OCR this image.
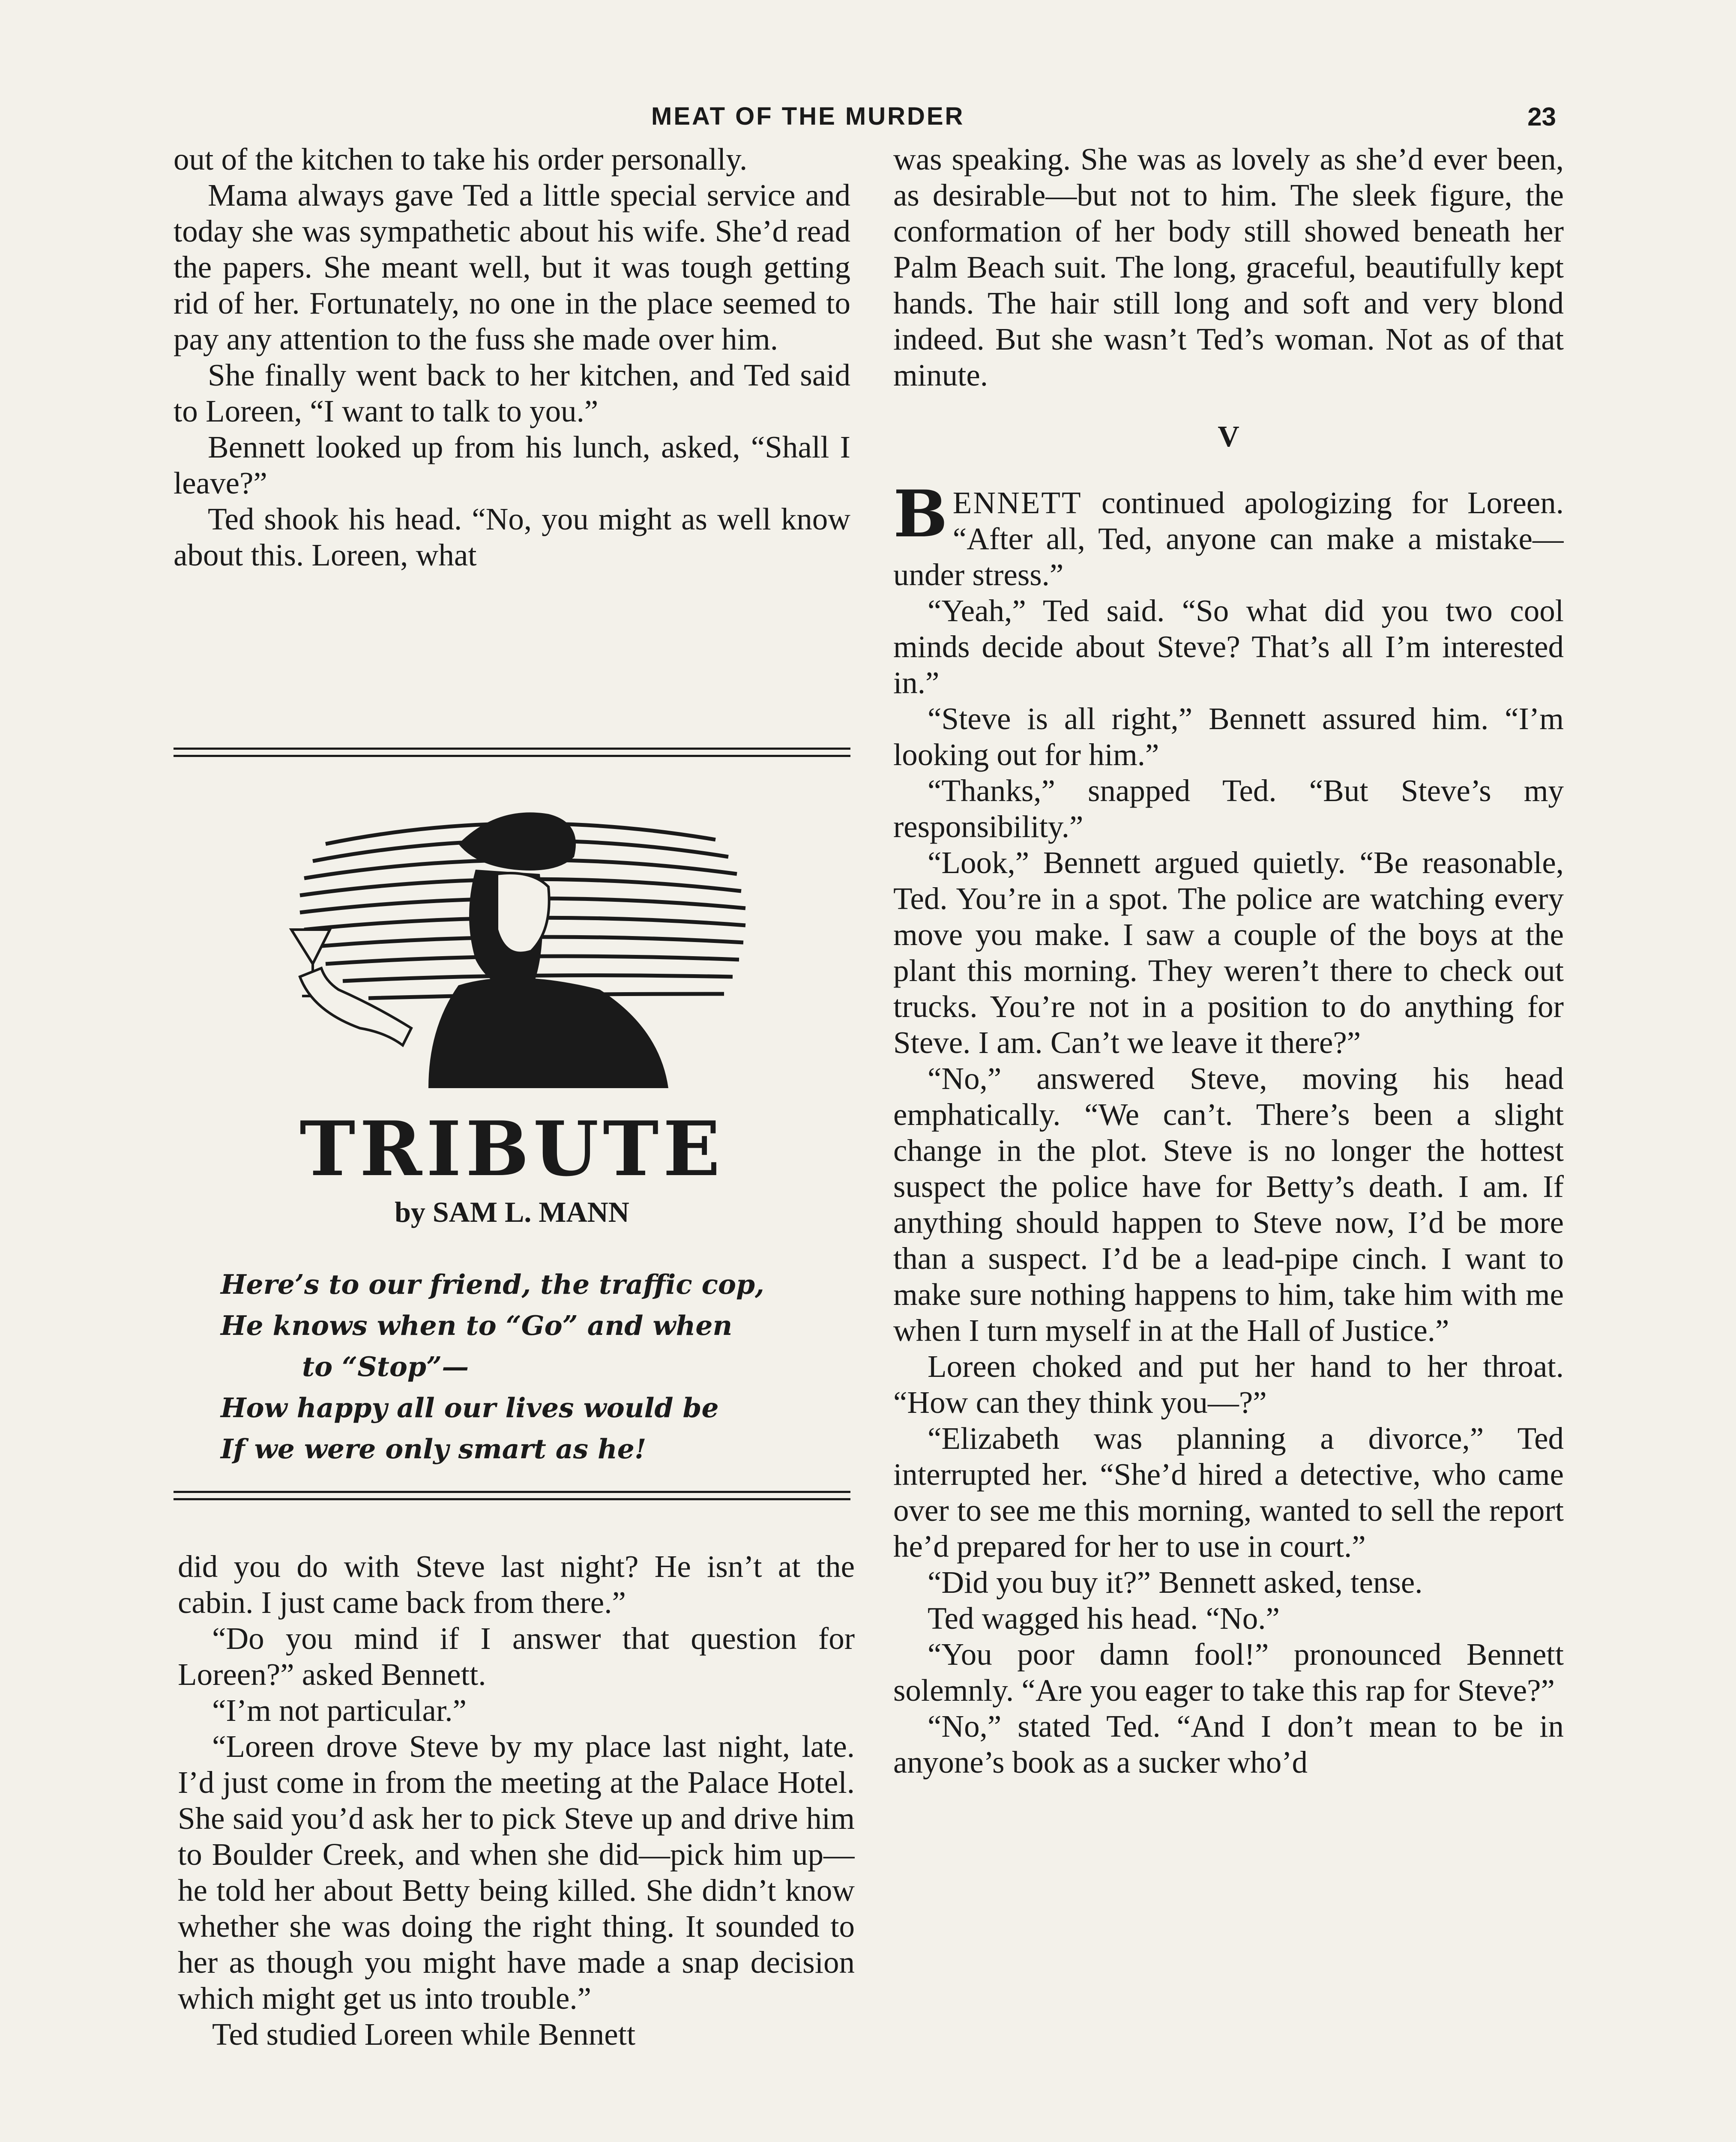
MEAT OF THE MURDER	23

out of the kitchen to take his order personally.

Mama always gave Ted a little special service and today she was sympathetic about his wife. She’d read the papers. She meant well, but it was tough getting rid of her. Fortunately, no one in the place seemed to pay any attention to the fuss she made over him.

She finally went back to her kitchen, and Ted said to Loreen, “I want to talk to you.”

Bennett looked up from his lunch, asked, “Shall I leave?”

Ted shook his head. “No, you might as well know about this. Loreen, what

TRIBUTE
by SAM L. MANN
Here’s to our friend, the traffic cop,
He knows when to “Go” and when
to “Stop”—
How happy all our lives would be
If we were only smart as he!

did you do with Steve last night? He isn’t at the cabin. I just came back from there.”

“Do you mind if I answer that question for Loreen?” asked Bennett.

“I’m not particular.”

“Loreen drove Steve by my place last night, late. I’d just come in from the meeting at the Palace Hotel. She said you’d ask her to pick Steve up and drive him to Boulder Creek, and when she did—pick him up—he told her about Betty being killed. She didn’t know whether she was doing the right thing. It sounded to her as though you might have made a snap decision which might get us into trouble.”

Ted studied Loreen while Bennett

was speaking. She was as lovely as she’d ever been, as desirable—but not to him. The sleek figure, the conformation of her body still showed beneath her Palm Beach suit. The long, graceful, beautifully kept hands. The hair still long and soft and very blond indeed. But she wasn’t Ted’s woman. Not as of that minute.

V

BENNETT continued apologizing for Loreen. “After all, Ted, anyone can make a mistake—under stress.”

“Yeah,” Ted said. “So what did you two cool minds decide about Steve? That’s all I’m interested in.”

“Steve is all right,” Bennett assured him. “I’m looking out for him.”

“Thanks,” snapped Ted. “But Steve’s my responsibility.”

“Look,” Bennett argued quietly. “Be reasonable, Ted. You’re in a spot. The police are watching every move you make. I saw a couple of the boys at the plant this morning. They weren’t there to check out trucks. You’re not in a position to do anything for Steve. I am. Can’t we leave it there?”

“No,” answered Steve, moving his head emphatically. “We can’t. There’s been a slight change in the plot. Steve is no longer the hottest suspect the police have for Betty’s death. I am. If anything should happen to Steve now, I’d be more than a suspect. I’d be a lead-pipe cinch. I want to make sure nothing happens to him, take him with me when I turn myself in at the Hall of Justice.”

Loreen choked and put her hand to her throat. “How can they think you—?”

“Elizabeth was planning a divorce,” Ted interrupted her. “She’d hired a detective, who came over to see me this morning, wanted to sell the report he’d prepared for her to use in court.”

“Did you buy it?” Bennett asked, tense.

Ted wagged his head. “No.”

“You poor damn fool!” pronounced Bennett solemnly. “Are you eager to take this rap for Steve?”

“No,” stated Ted. “And I don’t mean to be in anyone’s book as a sucker who’d
